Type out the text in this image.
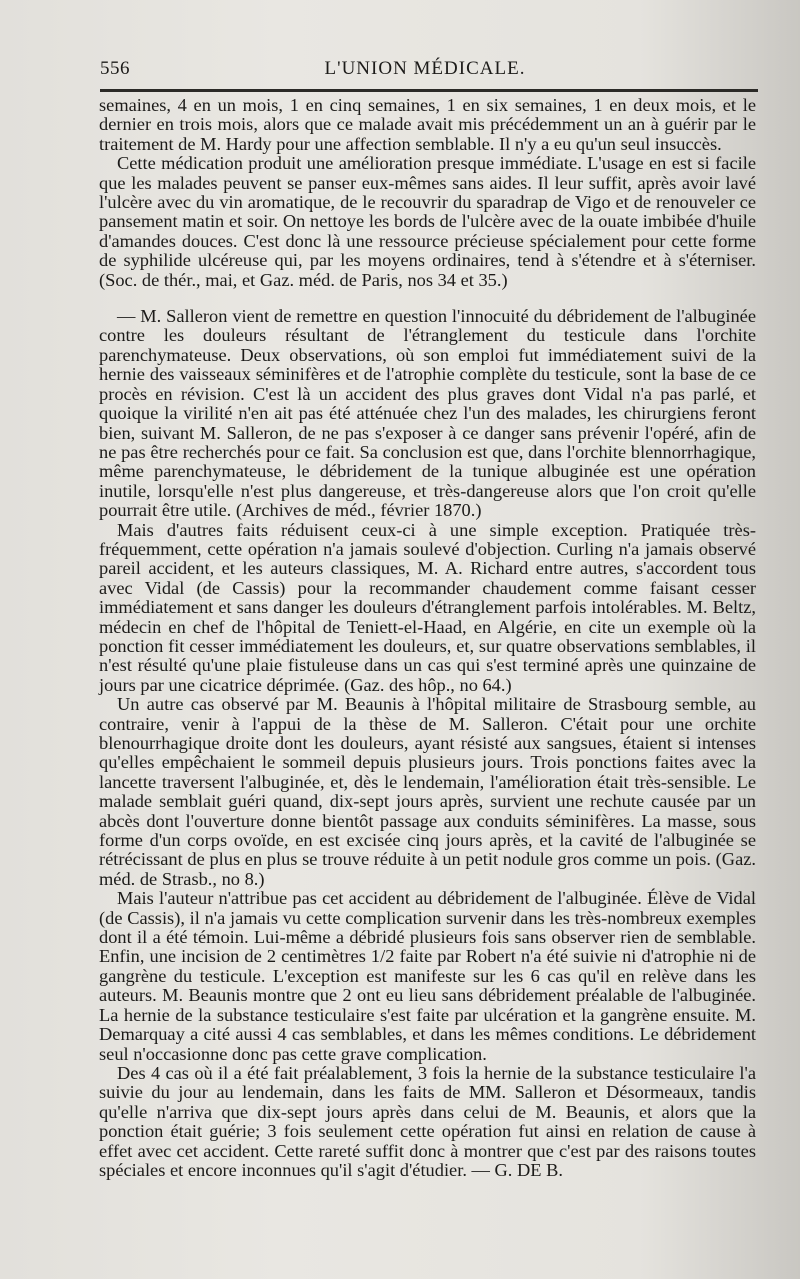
556	L'UNION MÉDICALE.

semaines, 4 en un mois, 1 en cinq semaines, 1 en six semaines, 1 en deux mois, et le dernier en trois mois, alors que ce malade avait mis précédemment un an à guérir par le traitement de M. Hardy pour une affection semblable. Il n'y a eu qu'un seul insuccès.

Cette médication produit une amélioration presque immédiate. L'usage en est si facile que les malades peuvent se panser eux-mêmes sans aides. Il leur suffit, après avoir lavé l'ulcère avec du vin aromatique, de le recouvrir du sparadrap de Vigo et de renouveler ce pansement matin et soir. On nettoye les bords de l'ulcère avec de la ouate imbibée d'huile d'amandes douces. C'est donc là une ressource précieuse spécialement pour cette forme de syphilide ulcéreuse qui, par les moyens ordinaires, tend à s'étendre et à s'éterniser. (Soc. de thér., mai, et Gaz. méd. de Paris, nos 34 et 35.)

— M. Salleron vient de remettre en question l'innocuité du débridement de l'albuginée contre les douleurs résultant de l'étranglement du testicule dans l'orchite parenchymateuse. Deux observations, où son emploi fut immédiatement suivi de la hernie des vaisseaux séminifères et de l'atrophie complète du testicule, sont la base de ce procès en révision. C'est là un accident des plus graves dont Vidal n'a pas parlé, et quoique la virilité n'en ait pas été atténuée chez l'un des malades, les chirurgiens feront bien, suivant M. Salleron, de ne pas s'exposer à ce danger sans prévenir l'opéré, afin de ne pas être recherchés pour ce fait. Sa conclusion est que, dans l'orchite blennorrhagique, même parenchymateuse, le débridement de la tunique albuginée est une opération inutile, lorsqu'elle n'est plus dangereuse, et très-dangereuse alors que l'on croit qu'elle pourrait être utile. (Archives de méd., février 1870.)

Mais d'autres faits réduisent ceux-ci à une simple exception. Pratiquée très-fréquemment, cette opération n'a jamais soulevé d'objection. Curling n'a jamais observé pareil accident, et les auteurs classiques, M. A. Richard entre autres, s'accordent tous avec Vidal (de Cassis) pour la recommander chaudement comme faisant cesser immédiatement et sans danger les douleurs d'étranglement parfois intolérables. M. Beltz, médecin en chef de l'hôpital de Teniett-el-Haad, en Algérie, en cite un exemple où la ponction fit cesser immédiatement les douleurs, et, sur quatre observations semblables, il n'est résulté qu'une plaie fistuleuse dans un cas qui s'est terminé après une quinzaine de jours par une cicatrice déprimée. (Gaz. des hôp., no 64.)

Un autre cas observé par M. Beaunis à l'hôpital militaire de Strasbourg semble, au contraire, venir à l'appui de la thèse de M. Salleron. C'était pour une orchite blenourrhagique droite dont les douleurs, ayant résisté aux sangsues, étaient si intenses qu'elles empêchaient le sommeil depuis plusieurs jours. Trois ponctions faites avec la lancette traversent l'albuginée, et, dès le lendemain, l'amélioration était très-sensible. Le malade semblait guéri quand, dix-sept jours après, survient une rechute causée par un abcès dont l'ouverture donne bientôt passage aux conduits séminifères. La masse, sous forme d'un corps ovoïde, en est excisée cinq jours après, et la cavité de l'albuginée se rétrécissant de plus en plus se trouve réduite à un petit nodule gros comme un pois. (Gaz. méd. de Strasb., no 8.)

Mais l'auteur n'attribue pas cet accident au débridement de l'albuginée. Élève de Vidal (de Cassis), il n'a jamais vu cette complication survenir dans les très-nombreux exemples dont il a été témoin. Lui-même a débridé plusieurs fois sans observer rien de semblable. Enfin, une incision de 2 centimètres 1/2 faite par Robert n'a été suivie ni d'atrophie ni de gangrène du testicule. L'exception est manifeste sur les 6 cas qu'il en relève dans les auteurs. M. Beaunis montre que 2 ont eu lieu sans débridement préalable de l'albuginée. La hernie de la substance testiculaire s'est faite par ulcération et la gangrène ensuite. M. Demarquay a cité aussi 4 cas semblables, et dans les mêmes conditions. Le débridement seul n'occasionne donc pas cette grave complication.

Des 4 cas où il a été fait préalablement, 3 fois la hernie de la substance testiculaire l'a suivie du jour au lendemain, dans les faits de MM. Salleron et Désormeaux, tandis qu'elle n'arriva que dix-sept jours après dans celui de M. Beaunis, et alors que la ponction était guérie; 3 fois seulement cette opération fut ainsi en relation de cause à effet avec cet accident. Cette rareté suffit donc à montrer que c'est par des raisons toutes spéciales et encore inconnues qu'il s'agit d'étudier. — G. DE B.
